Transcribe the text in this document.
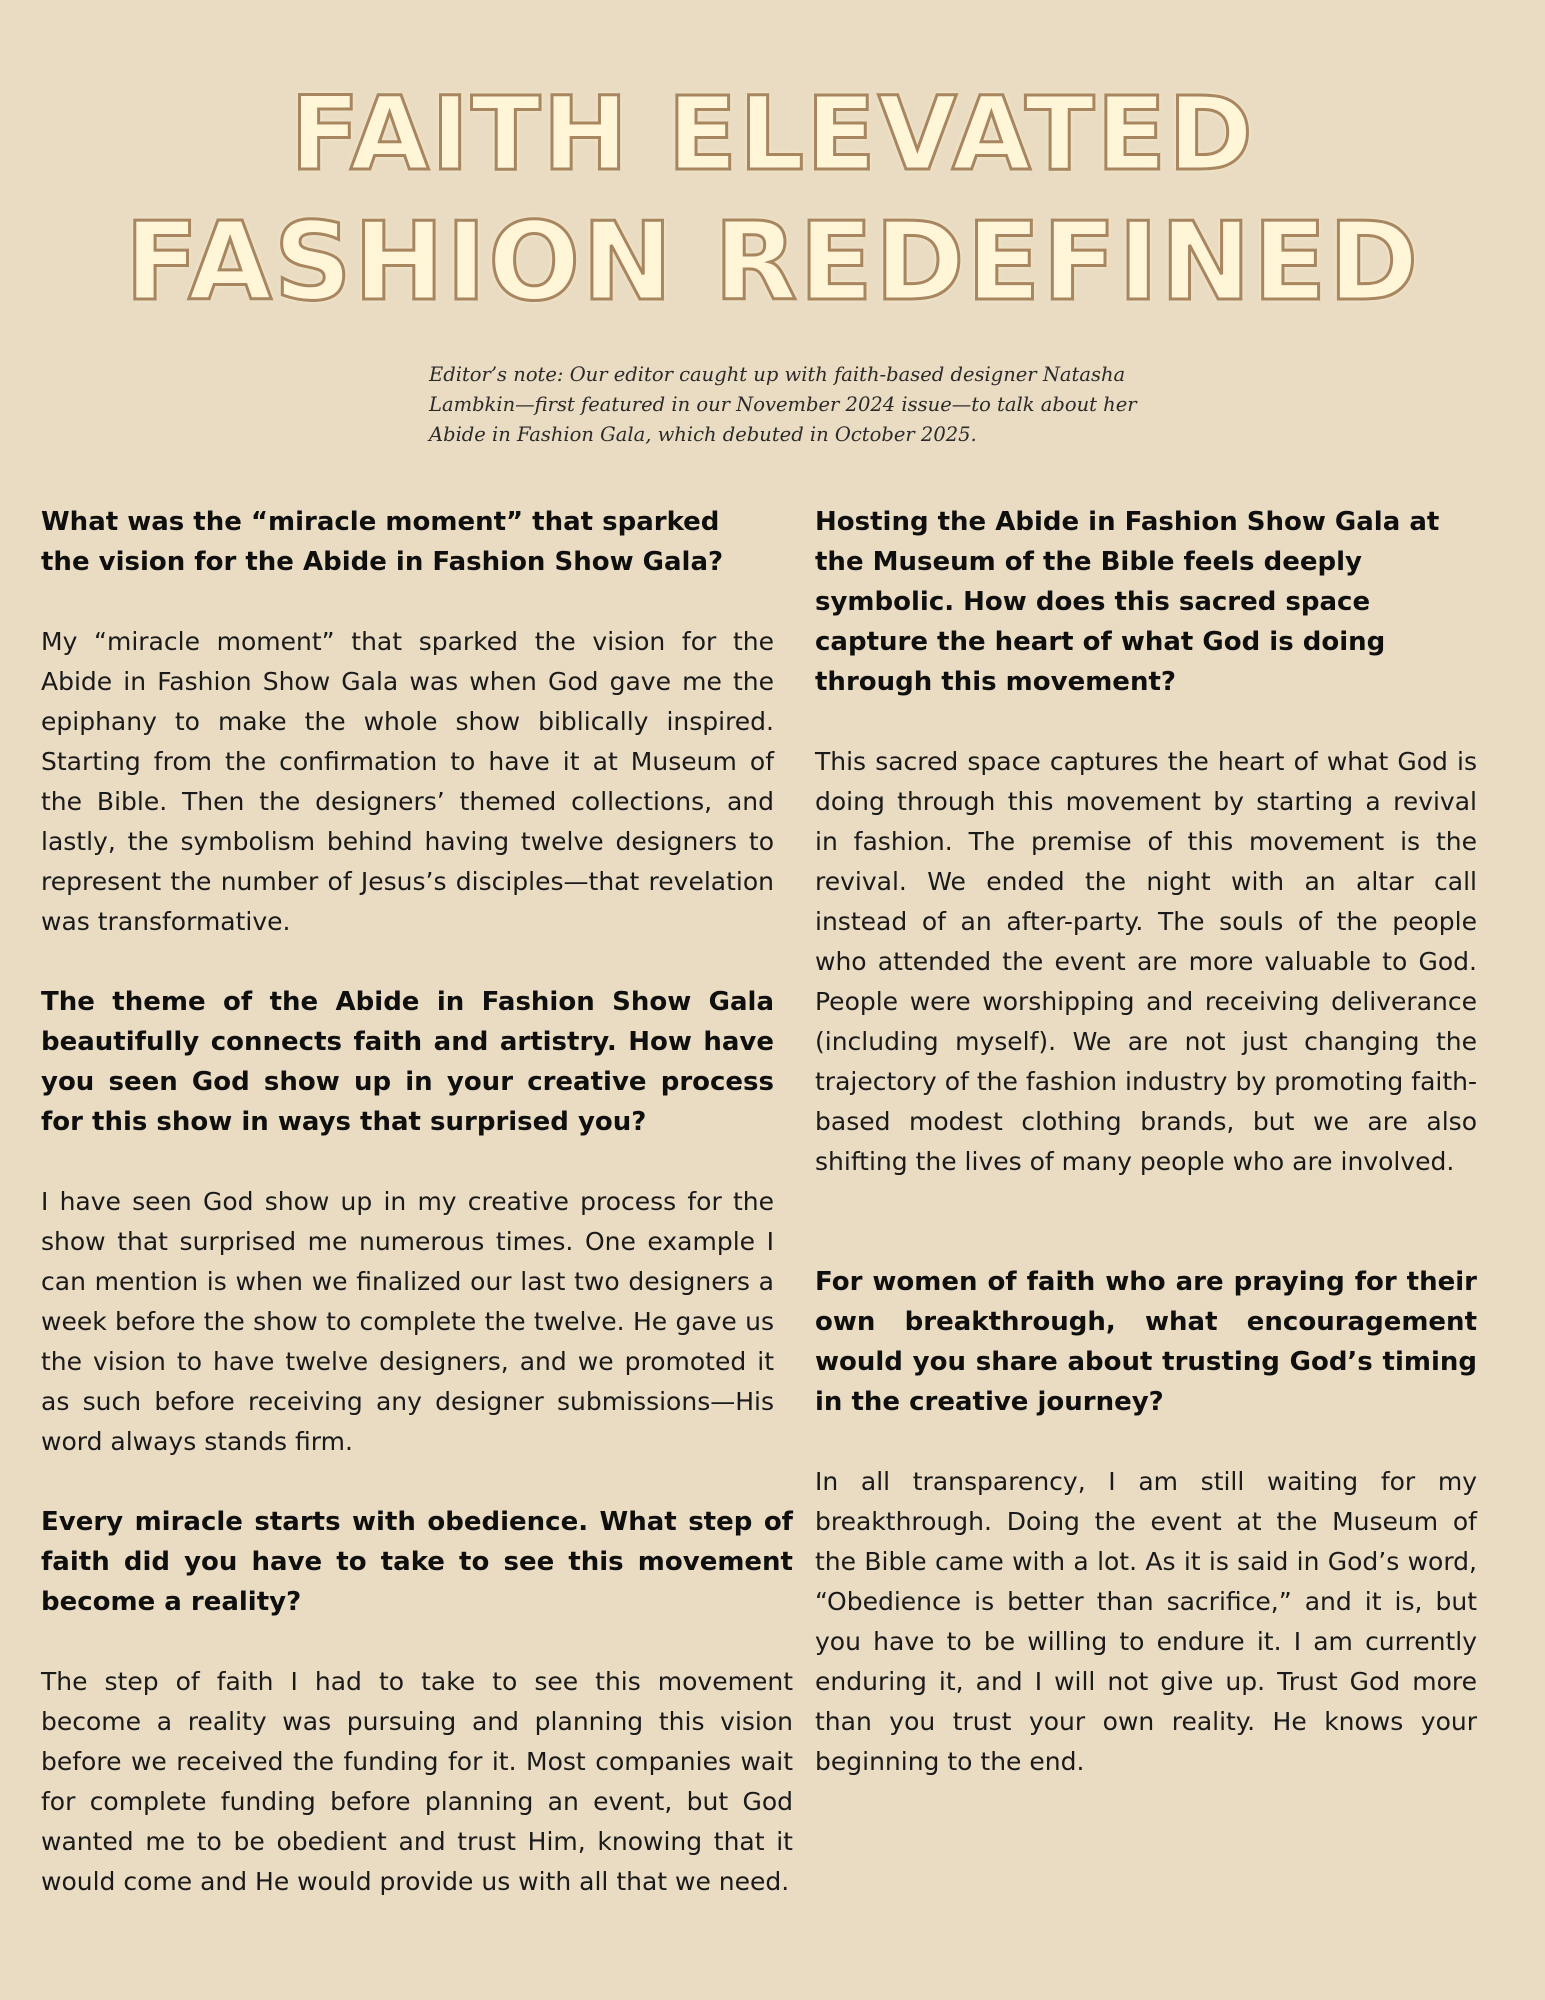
FAITH ELEVATED
FASHION REDEFINED

Editor’s note: Our editor caught up with faith-based designer Natasha Lambkin—first featured in our November 2024 issue—to talk about her Abide in Fashion Gala, which debuted in October 2025.

What was the “miracle moment” that sparked the vision for the Abide in Fashion Show Gala?

My “miracle moment” that sparked the vision for the Abide in Fashion Show Gala was when God gave me the epiphany to make the whole show biblically inspired. Starting from the confirmation to have it at Museum of the Bible. Then the designers’ themed collections, and lastly, the symbolism behind having twelve designers to represent the number of Jesus’s disciples—that revelation was transformative.

The theme of the Abide in Fashion Show Gala beautifully connects faith and artistry. How have you seen God show up in your creative process for this show in ways that surprised you?

I have seen God show up in my creative process for the show that surprised me numerous times. One example I can mention is when we finalized our last two designers a week before the show to complete the twelve. He gave us the vision to have twelve designers, and we promoted it as such before receiving any designer submissions—His word always stands firm.

Every miracle starts with obedience. What step of faith did you have to take to see this movement become a reality?

The step of faith I had to take to see this movement become a reality was pursuing and planning this vision before we received the funding for it. Most companies wait for complete funding before planning an event, but God wanted me to be obedient and trust Him, knowing that it would come and He would provide us with all that we need.

Hosting the Abide in Fashion Show Gala at the Museum of the Bible feels deeply symbolic. How does this sacred space capture the heart of what God is doing through this movement?

This sacred space captures the heart of what God is doing through this movement by starting a revival in fashion. The premise of this movement is the revival. We ended the night with an altar call instead of an after-party. The souls of the people who attended the event are more valuable to God. People were worshipping and receiving deliverance (including myself). We are not just changing the trajectory of the fashion industry by promoting faith-based modest clothing brands, but we are also shifting the lives of many people who are involved.

For women of faith who are praying for their own breakthrough, what encouragement would you share about trusting God’s timing in the creative journey?

In all transparency, I am still waiting for my breakthrough. Doing the event at the Museum of the Bible came with a lot. As it is said in God’s word, “Obedience is better than sacrifice,” and it is, but you have to be willing to endure it. I am currently enduring it, and I will not give up. Trust God more than you trust your own reality. He knows your beginning to the end.
